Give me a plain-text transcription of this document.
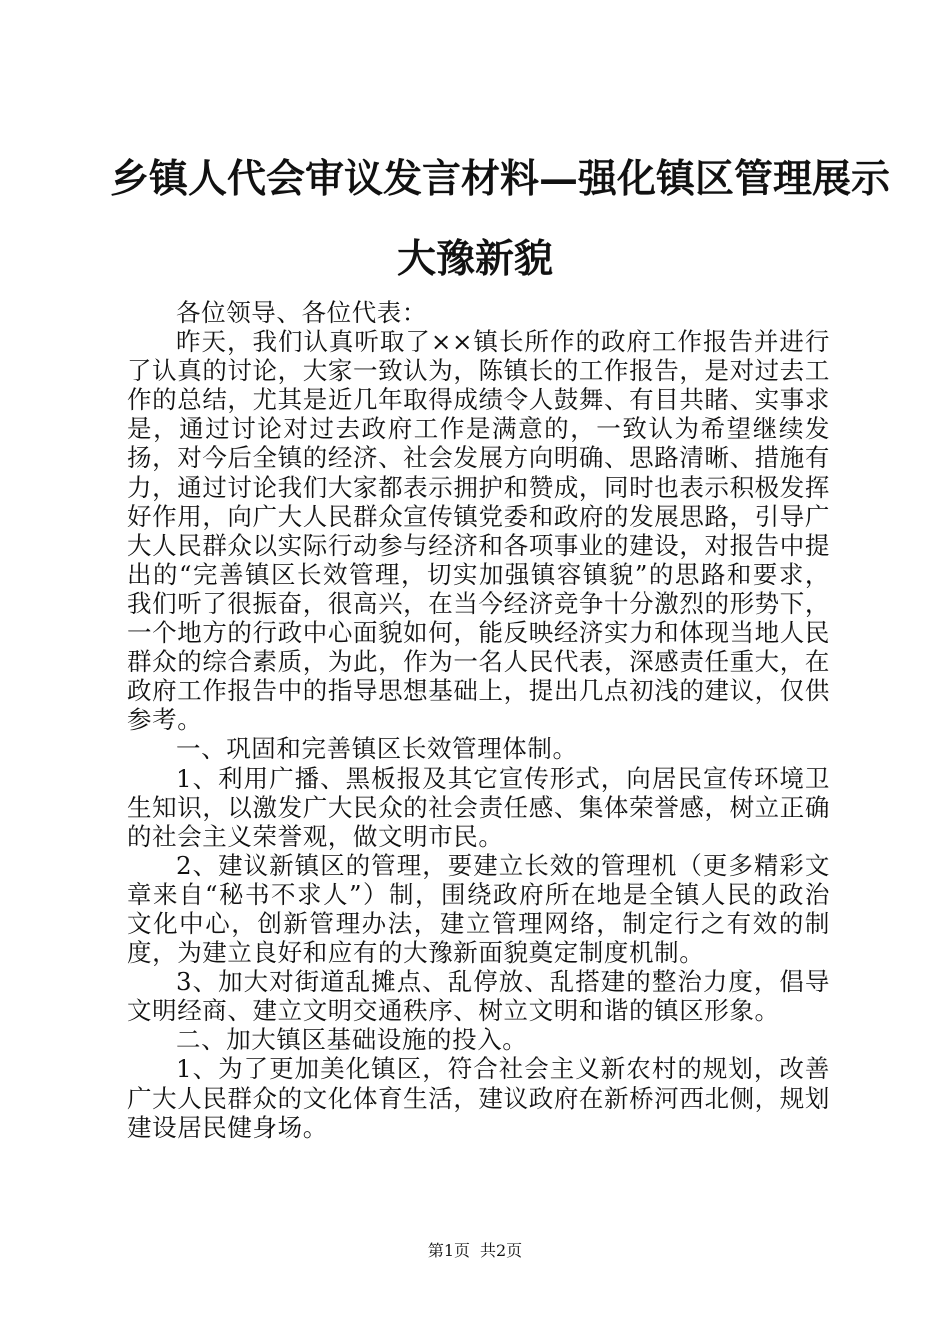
乡镇人代会审议发言材料—强化镇区管理展示
大豫新貌

各位领导、各位代表：

昨天，我们认真听取了××镇长所作的政府工作报告并进行了认真的讨论，大家一致认为，陈镇长的工作报告，是对过去工作的总结，尤其是近几年取得成绩令人鼓舞、有目共睹、实事求是，通过讨论对过去政府工作是满意的，一致认为希望继续发扬，对今后全镇的经济、社会发展方向明确、思路清晰、措施有力，通过讨论我们大家都表示拥护和赞成，同时也表示积极发挥好作用，向广大人民群众宣传镇党委和政府的发展思路，引导广大人民群众以实际行动参与经济和各项事业的建设，对报告中提出的“完善镇区长效管理，切实加强镇容镇貌”的思路和要求，我们听了很振奋，很高兴，在当今经济竞争十分激烈的形势下，一个地方的行政中心面貌如何，能反映经济实力和体现当地人民群众的综合素质，为此，作为一名人民代表，深感责任重大，在政府工作报告中的指导思想基础上，提出几点初浅的建议，仅供参考。

一、巩固和完善镇区长效管理体制。

1、利用广播、黑板报及其它宣传形式，向居民宣传环境卫生知识，以激发广大民众的社会责任感、集体荣誉感，树立正确的社会主义荣誉观，做文明市民。

2、建议新镇区的管理，要建立长效的管理机（更多精彩文章来自“秘书不求人”）制，围绕政府所在地是全镇人民的政治文化中心，创新管理办法，建立管理网络，制定行之有效的制度，为建立良好和应有的大豫新面貌奠定制度机制。

3、加大对街道乱摊点、乱停放、乱搭建的整治力度，倡导文明经商、建立文明交通秩序、树立文明和谐的镇区形象。

二、加大镇区基础设施的投入。

1、为了更加美化镇区，符合社会主义新农村的规划，改善广大人民群众的文化体育生活，建议政府在新桥河西北侧，规划建设居民健身场。

第1页 共2页
